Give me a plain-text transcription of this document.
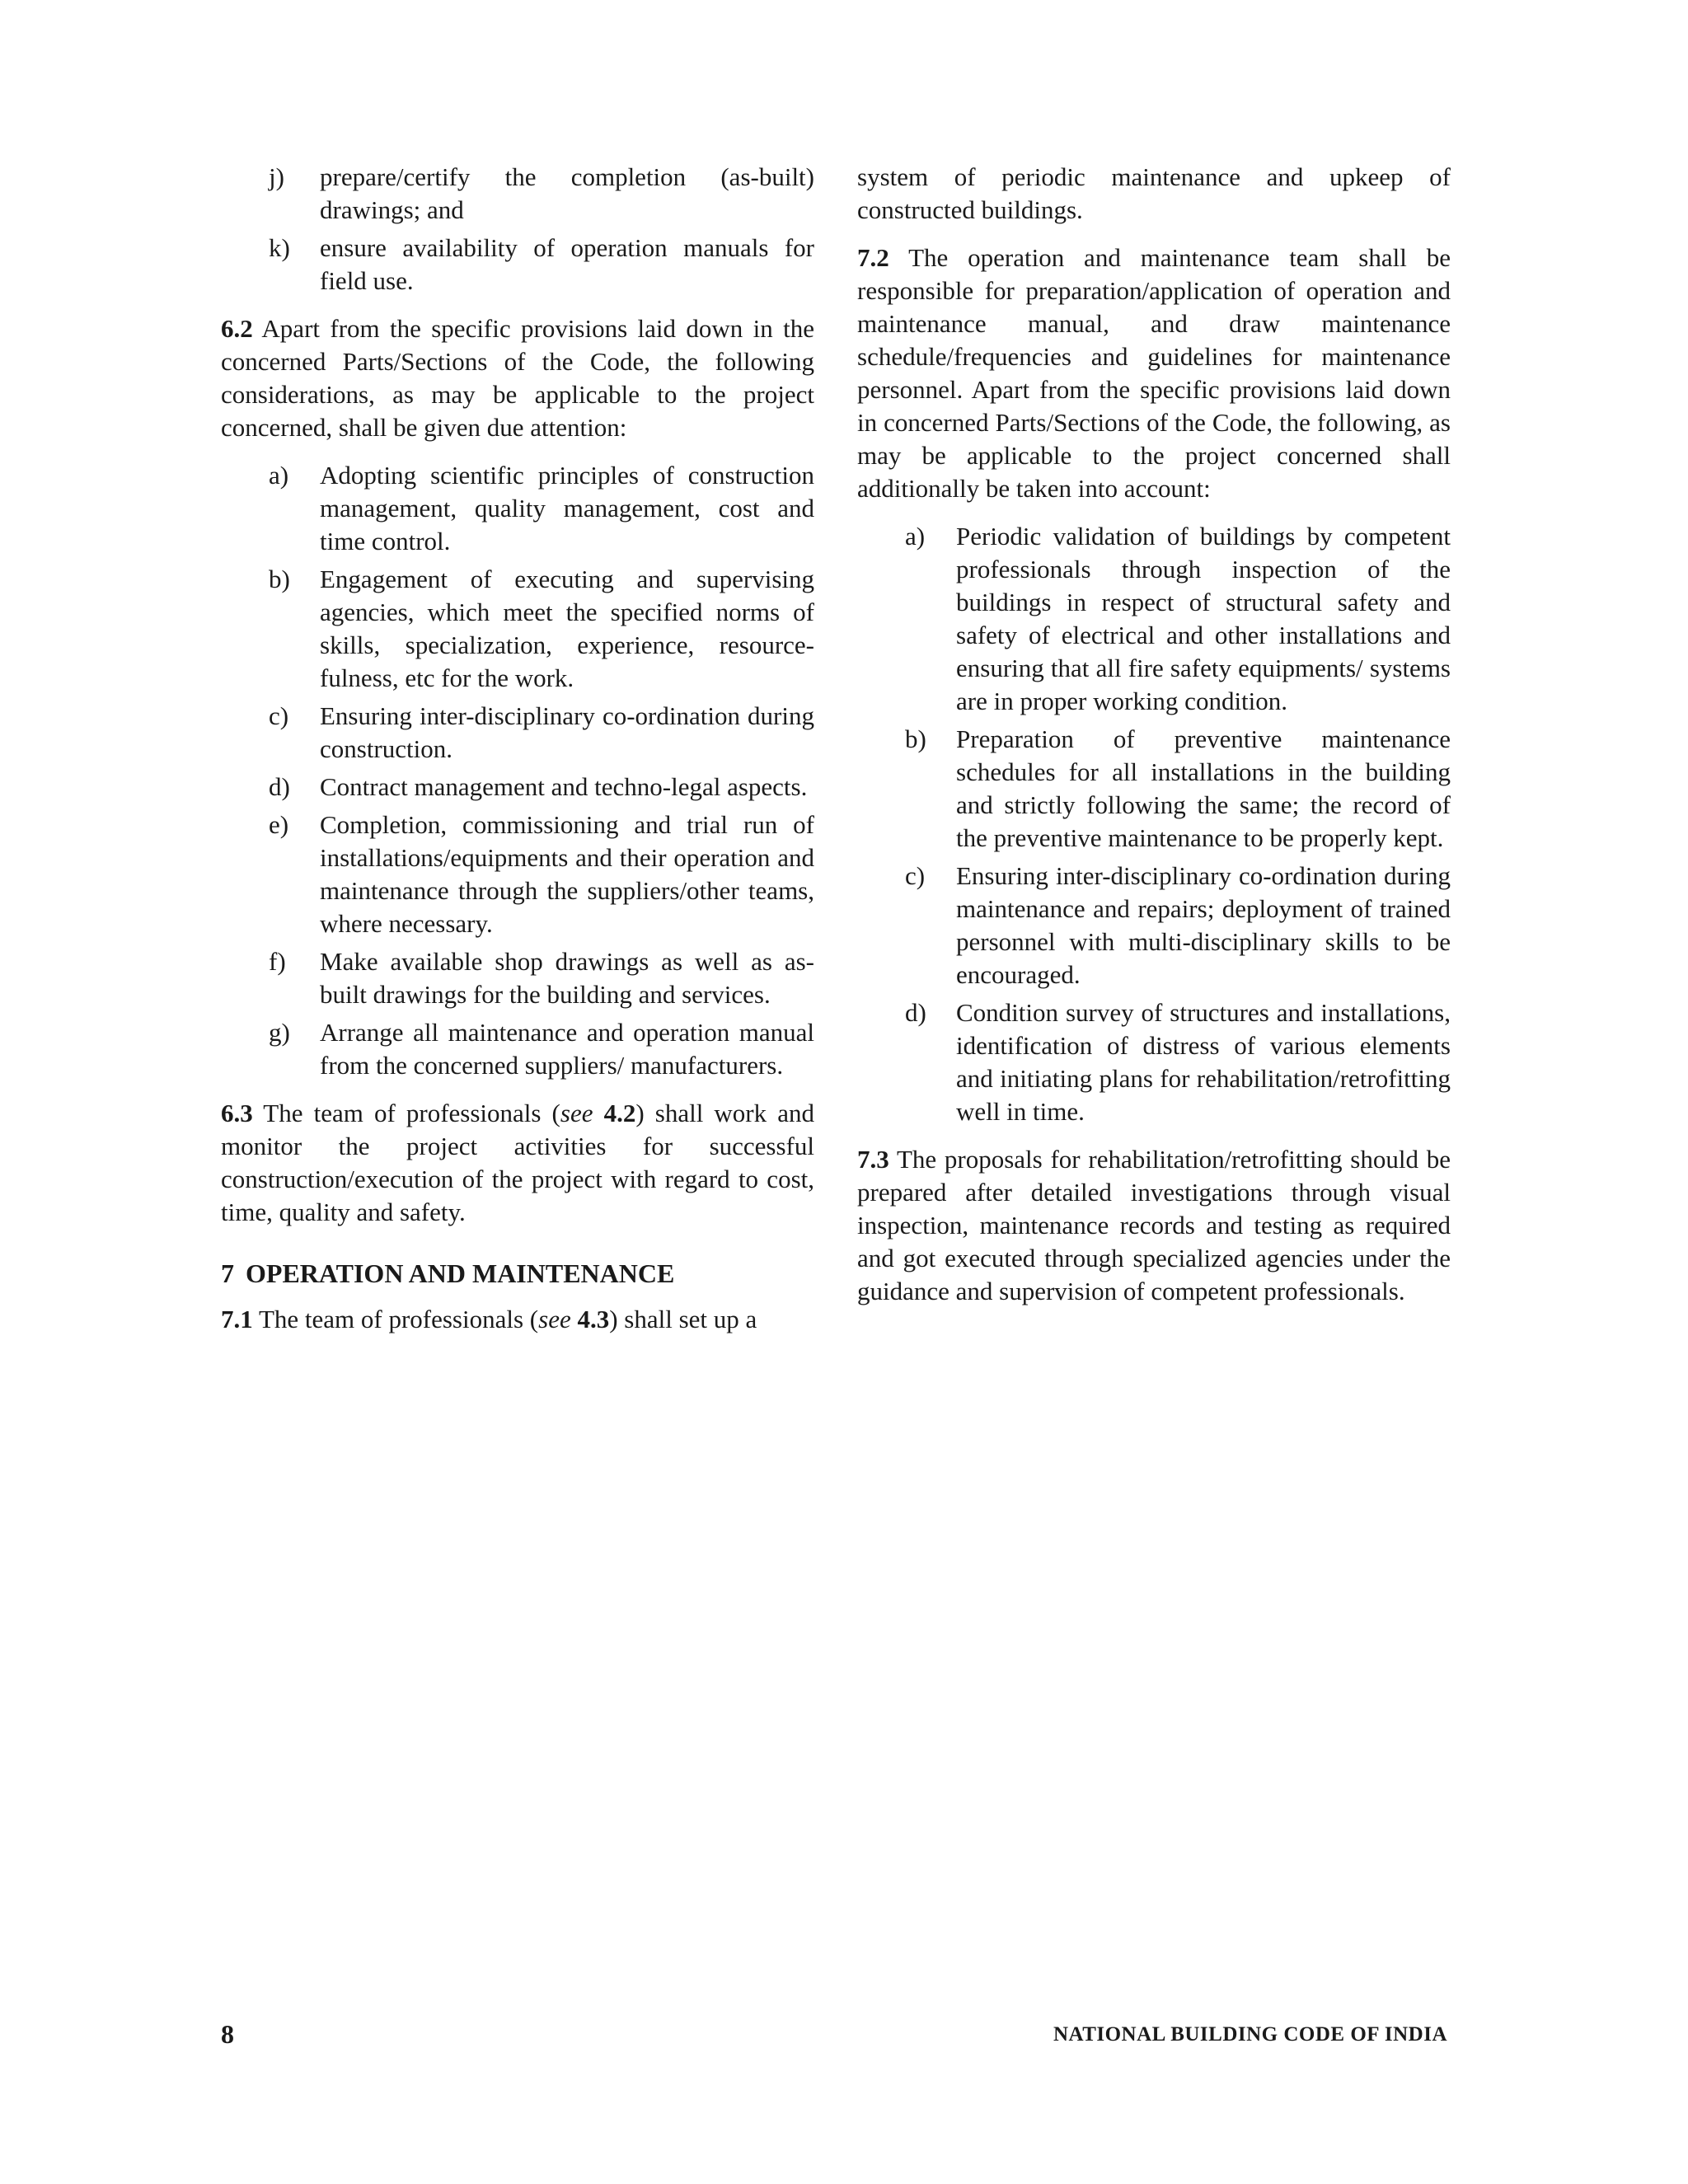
j) prepare/certify the completion (as-built) drawings; and
k) ensure availability of operation manuals for field use.

6.2 Apart from the specific provisions laid down in the concerned Parts/Sections of the Code, the following considerations, as may be applicable to the project concerned, shall be given due attention:

a) Adopting scientific principles of construction management, quality management, cost and time control.
b) Engagement of executing and supervising agencies, which meet the specified norms of skills, specialization, experience, resource-fulness, etc for the work.
c) Ensuring inter-disciplinary co-ordination during construction.
d) Contract management and techno-legal aspects.
e) Completion, commissioning and trial run of installations/equipments and their operation and maintenance through the suppliers/other teams, where necessary.
f) Make available shop drawings as well as as-built drawings for the building and services.
g) Arrange all maintenance and operation manual from the concerned suppliers/ manufacturers.

6.3 The team of professionals (see 4.2) shall work and monitor the project activities for successful construction/execution of the project with regard to cost, time, quality and safety.

7 OPERATION AND MAINTENANCE

7.1 The team of professionals (see 4.3) shall set up a

system of periodic maintenance and upkeep of constructed buildings.

7.2 The operation and maintenance team shall be responsible for preparation/application of operation and maintenance manual, and draw maintenance schedule/frequencies and guidelines for maintenance personnel. Apart from the specific provisions laid down in concerned Parts/Sections of the Code, the following, as may be applicable to the project concerned shall additionally be taken into account:

a) Periodic validation of buildings by competent professionals through inspection of the buildings in respect of structural safety and safety of electrical and other installations and ensuring that all fire safety equipments/ systems are in proper working condition.
b) Preparation of preventive maintenance schedules for all installations in the building and strictly following the same; the record of the preventive maintenance to be properly kept.
c) Ensuring inter-disciplinary co-ordination during maintenance and repairs; deployment of trained personnel with multi-disciplinary skills to be encouraged.
d) Condition survey of structures and installations, identification of distress of various elements and initiating plans for rehabilitation/retrofitting well in time.

7.3 The proposals for rehabilitation/retrofitting should be prepared after detailed investigations through visual inspection, maintenance records and testing as required and got executed through specialized agencies under the guidance and supervision of competent professionals.

8	NATIONAL BUILDING CODE OF INDIA
